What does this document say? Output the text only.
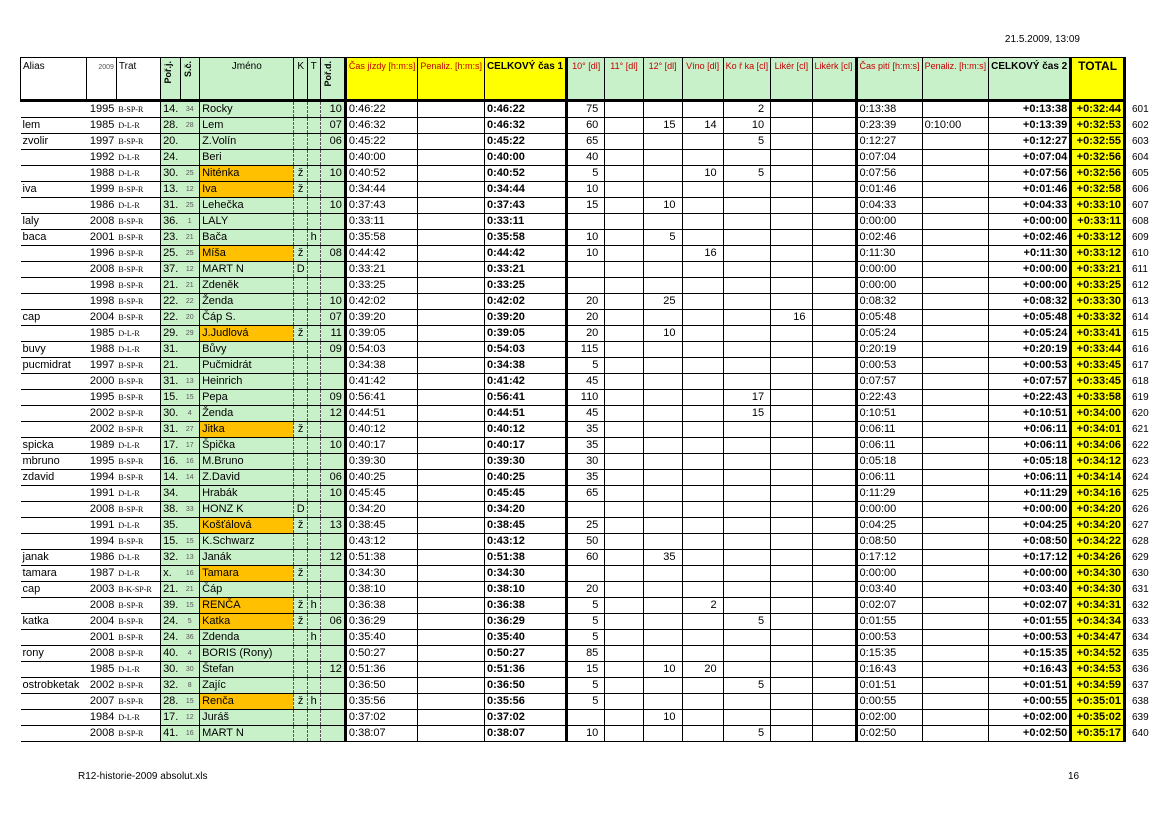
21.5.2009, 13:09
Alias	2009	Trat	Poř.j.	S.č.	Jméno	K	T	Poř.d.	Čas jízdy [h:m:s]	Penaliz. [h:m:s]	CELKOVÝ čas 1	10° [dl]	11° [dl]	12° [dl]	Víno [dl]	Ko ř ka [cl]	Likér [cl]	Likérk [cl]	Čas pití [h:m:s]	Penaliz. [h:m:s]	CELKOVÝ čas 2	TOTAL	
	1995	B-SP-R	14.	34	Rocky			10	0:46:22		0:46:22	75				2			0:13:38		+0:13:38	+0:32:44	601
lem	1985	D-L-R	28.	28	Lem			07	0:46:32		0:46:32	60		15	14	10			0:23:39	0:10:00	+0:13:39	+0:32:53	602
zvolir	1997	B-SP-R	20.		Z.Volín			06	0:45:22		0:45:22	65				5			0:12:27		+0:12:27	+0:32:55	603
	1992	D-L-R	24.		Beri				0:40:00		0:40:00	40							0:07:04		+0:07:04	+0:32:56	604
	1988	D-L-R	30.	25	Niténka	ž		10	0:40:52		0:40:52	5			10	5			0:07:56		+0:07:56	+0:32:56	605
iva	1999	B-SP-R	13.	12	Iva	ž			0:34:44		0:34:44	10							0:01:46		+0:01:46	+0:32:58	606
	1986	D-L-R	31.	25	Lehečka			10	0:37:43		0:37:43	15		10					0:04:33		+0:04:33	+0:33:10	607
laly	2008	B-SP-R	36.	1	LALY				0:33:11		0:33:11								0:00:00		+0:00:00	+0:33:11	608
baca	2001	B-SP-R	23.	21	Bača		h		0:35:58		0:35:58	10		5					0:02:46		+0:02:46	+0:33:12	609
	1996	B-SP-R	25.	25	Míša	ž		08	0:44:42		0:44:42	10			16				0:11:30		+0:11:30	+0:33:12	610
	2008	B-SP-R	37.	12	MART N	D			0:33:21		0:33:21								0:00:00		+0:00:00	+0:33:21	611
	1998	B-SP-R	21.	21	Zdeněk				0:33:25		0:33:25								0:00:00		+0:00:00	+0:33:25	612
	1998	B-SP-R	22.	22	Ženda			10	0:42:02		0:42:02	20		25					0:08:32		+0:08:32	+0:33:30	613
cap	2004	B-SP-R	22.	20	Čáp S.			07	0:39:20		0:39:20	20					16		0:05:48		+0:05:48	+0:33:32	614
	1985	D-L-R	29.	29	J.Judlová	ž		11	0:39:05		0:39:05	20		10					0:05:24		+0:05:24	+0:33:41	615
buvy	1988	D-L-R	31.		Bůvy			09	0:54:03		0:54:03	115							0:20:19		+0:20:19	+0:33:44	616
pucmidrat	1997	B-SP-R	21.		Pučmidrát				0:34:38		0:34:38	5							0:00:53		+0:00:53	+0:33:45	617
	2000	B-SP-R	31.	13	Heinrich				0:41:42		0:41:42	45							0:07:57		+0:07:57	+0:33:45	618
	1995	B-SP-R	15.	15	Pepa			09	0:56:41		0:56:41	110				17			0:22:43		+0:22:43	+0:33:58	619
	2002	B-SP-R	30.	4	Ženda			12	0:44:51		0:44:51	45				15			0:10:51		+0:10:51	+0:34:00	620
	2002	B-SP-R	31.	27	Jitka	ž			0:40:12		0:40:12	35							0:06:11		+0:06:11	+0:34:01	621
spicka	1989	D-L-R	17.	17	Špička			10	0:40:17		0:40:17	35							0:06:11		+0:06:11	+0:34:06	622
mbruno	1995	B-SP-R	16.	16	M.Bruno				0:39:30		0:39:30	30							0:05:18		+0:05:18	+0:34:12	623
zdavid	1994	B-SP-R	14.	14	Z.David			06	0:40:25		0:40:25	35							0:06:11		+0:06:11	+0:34:14	624
	1991	D-L-R	34.		Hrabák			10	0:45:45		0:45:45	65							0:11:29		+0:11:29	+0:34:16	625
	2008	B-SP-R	38.	33	HONZ K	D			0:34:20		0:34:20								0:00:00		+0:00:00	+0:34:20	626
	1991	D-L-R	35.		Košťálová	ž		13	0:38:45		0:38:45	25							0:04:25		+0:04:25	+0:34:20	627
	1994	B-SP-R	15.	15	K.Schwarz				0:43:12		0:43:12	50							0:08:50		+0:08:50	+0:34:22	628
janak	1986	D-L-R	32.	13	Janák			12	0:51:38		0:51:38	60		35					0:17:12		+0:17:12	+0:34:26	629
tamara	1987	D-L-R	x.	16	Tamara	ž			0:34:30		0:34:30								0:00:00		+0:00:00	+0:34:30	630
cap	2003	B-K-SP-R	21.	21	Čáp				0:38:10		0:38:10	20							0:03:40		+0:03:40	+0:34:30	631
	2008	B-SP-R	39.	15	RENČA	ž	h		0:36:38		0:36:38	5			2				0:02:07		+0:02:07	+0:34:31	632
katka	2004	B-SP-R	24.	5	Katka	ž		06	0:36:29		0:36:29	5				5			0:01:55		+0:01:55	+0:34:34	633
	2001	B-SP-R	24.	36	Zdenda		h		0:35:40		0:35:40	5							0:00:53		+0:00:53	+0:34:47	634
rony	2008	B-SP-R	40.	4	BORIS (Rony)				0:50:27		0:50:27	85							0:15:35		+0:15:35	+0:34:52	635
	1985	D-L-R	30.	30	Štefan			12	0:51:36		0:51:36	15		10	20				0:16:43		+0:16:43	+0:34:53	636
ostrobketak	2002	B-SP-R	32.	8	Zajíc				0:36:50		0:36:50	5				5			0:01:51		+0:01:51	+0:34:59	637
	2007	B-SP-R	28.	15	Renča	ž	h		0:35:56		0:35:56	5							0:00:55		+0:00:55	+0:35:01	638
	1984	D-L-R	17.	12	Juráš				0:37:02		0:37:02			10					0:02:00		+0:02:00	+0:35:02	639
	2008	B-SP-R	41.	16	MART N				0:38:07		0:38:07	10				5			0:02:50		+0:02:50	+0:35:17	640
R12-historie-2009 absolut.xls	16
